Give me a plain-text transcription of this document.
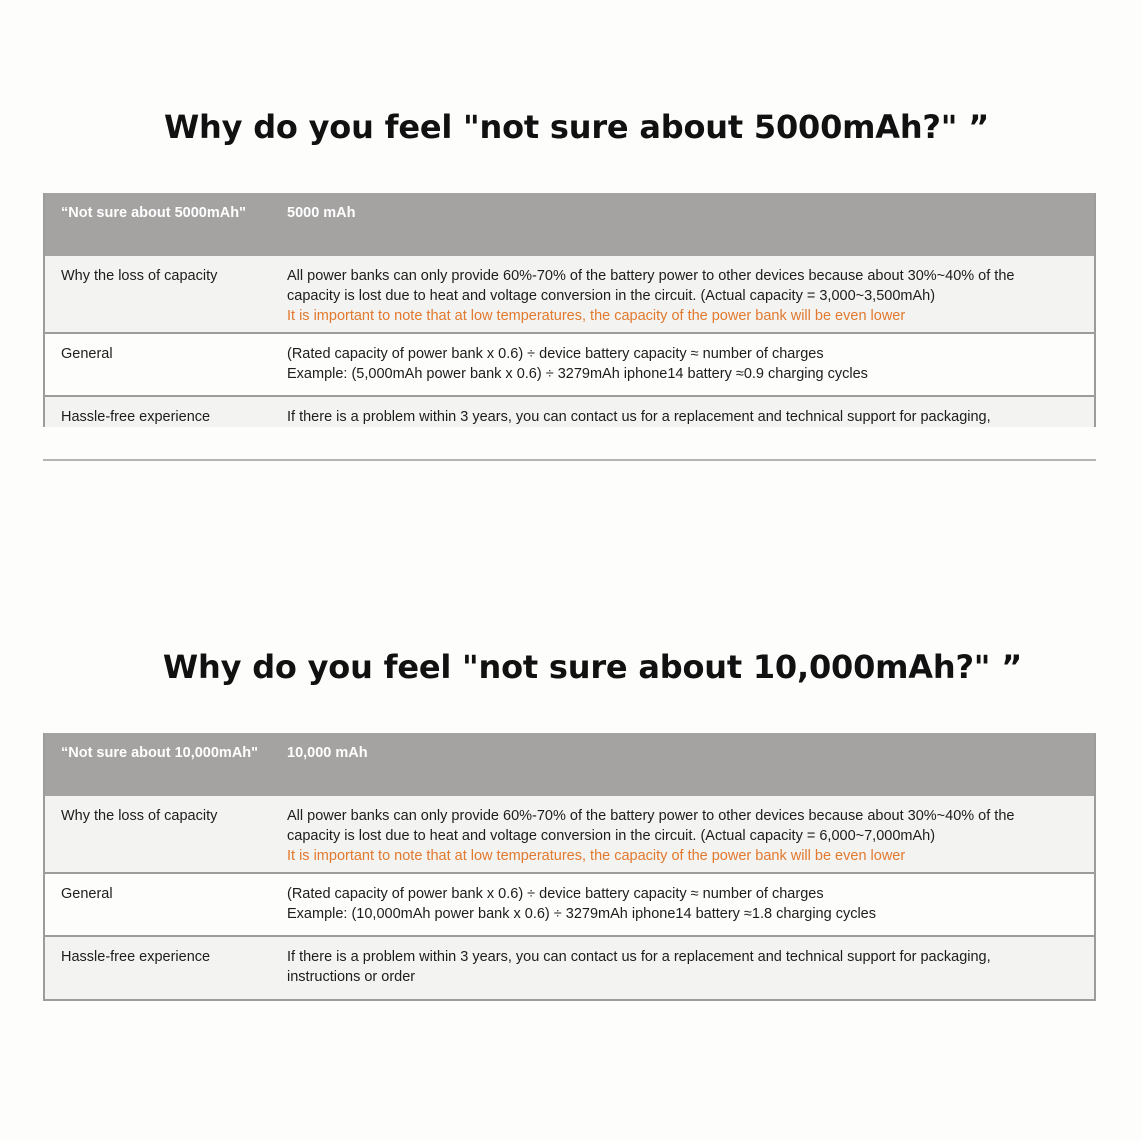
Why do you feel "not sure about 5000mAh?" ”
“Not sure about 5000mAh"	5000 mAh
Why the loss of capacity	All power banks can only provide 60%-70% of the battery power to other devices because about 30%~40% of the
capacity is lost due to heat and voltage conversion in the circuit. (Actual capacity = 3,000~3,500mAh)
It is important to note that at low temperatures, the capacity of the power bank will be even lower
General	(Rated capacity of power bank x 0.6) ÷ device battery capacity ≈ number of charges
Example: (5,000mAh power bank x 0.6) ÷ 3279mAh iphone14 battery ≈0.9 charging cycles
Hassle-free experience	If there is a problem within 3 years, you can contact us for a replacement and technical support for packaging,
Why do you feel "not sure about 10,000mAh?" ”
“Not sure about 10,000mAh"	10,000 mAh
Why the loss of capacity	All power banks can only provide 60%-70% of the battery power to other devices because about 30%~40% of the
capacity is lost due to heat and voltage conversion in the circuit. (Actual capacity = 6,000~7,000mAh)
It is important to note that at low temperatures, the capacity of the power bank will be even lower
General	(Rated capacity of power bank x 0.6) ÷ device battery capacity ≈ number of charges
Example: (10,000mAh power bank x 0.6) ÷ 3279mAh iphone14 battery ≈1.8 charging cycles
Hassle-free experience	If there is a problem within 3 years, you can contact us for a replacement and technical support for packaging,
instructions or order
